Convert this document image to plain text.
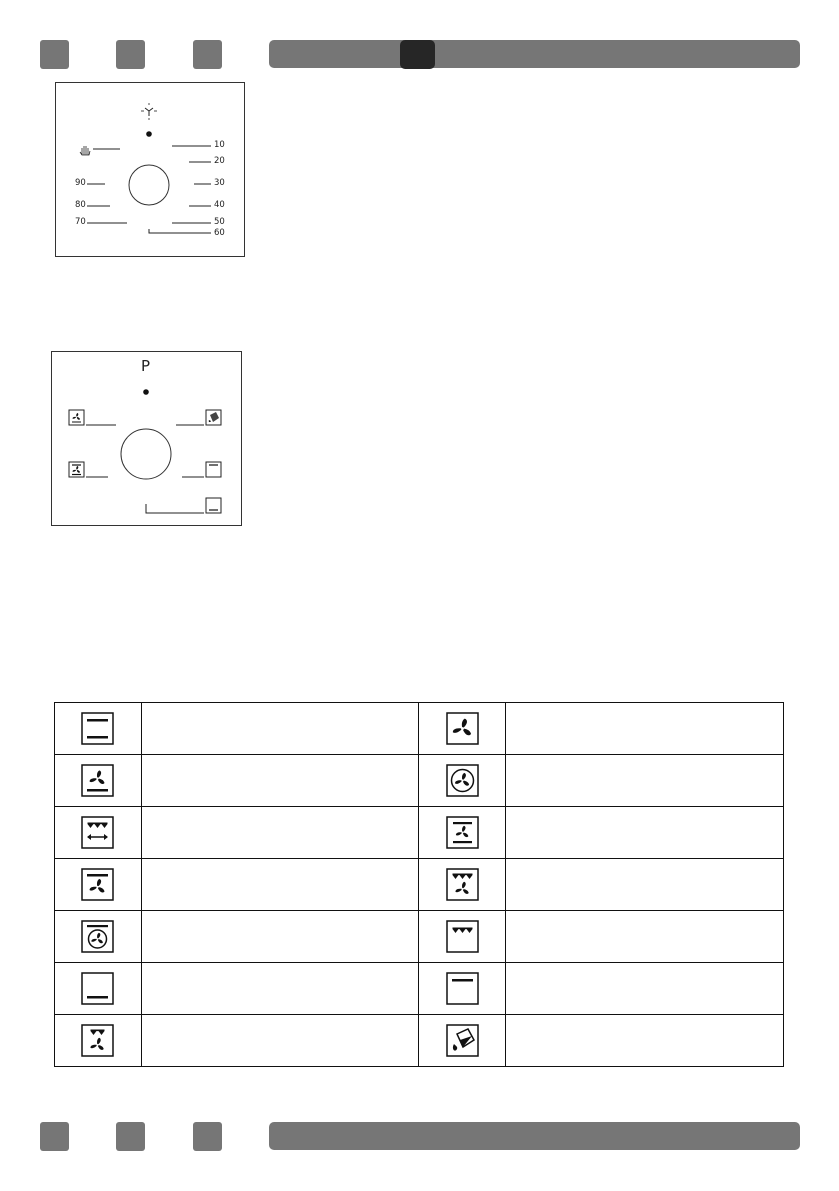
10
20
30
40
50
60
90
80
70
P
